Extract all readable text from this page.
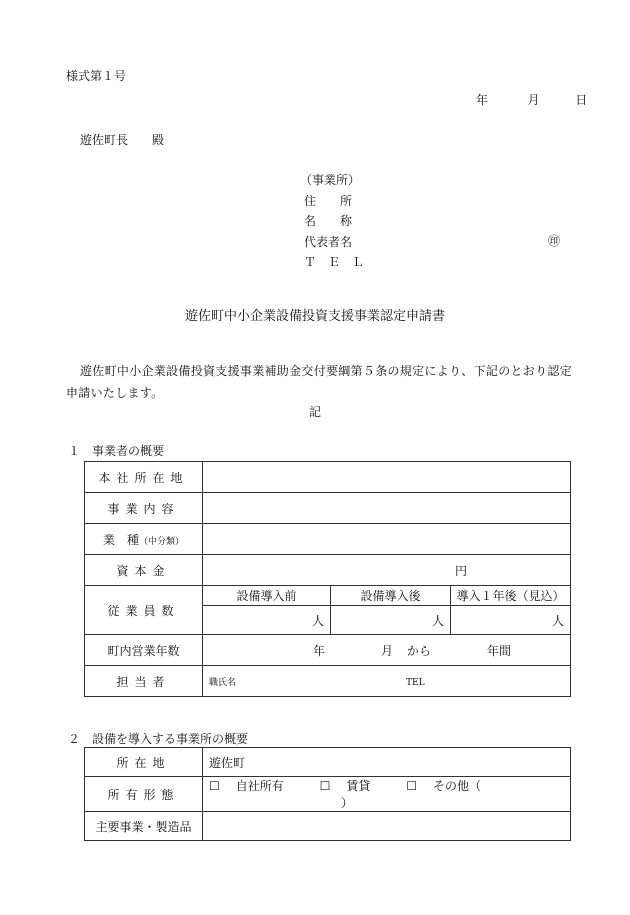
様式第１号
年	月	日
遊佐町長　　殿
（事業所）
住　　所
名　　称
代表者名
Ｔ　Ｅ　Ｌ
㊞
遊佐町中小企業設備投資支援事業認定申請書
遊佐町中小企業設備投資支援事業補助金交付要綱第５条の規定により、下記のとおり認定申請いたします。
記
１　事業者の概要
本社所在地			
事業内容			
業　種（中分類）			
資本金	円		
従業員数	設備導入前	設備導入後	導入１年後（見込）
	人	人	人
町内営業年数	年 月 から 年間		
担当者	職氏名 TEL		
２　設備を導入する事業所の概要
所在地	遊佐町
所有形態	☐ 自社所有 ☐ 賃貸 ☐ その他（）
主要事業・製造品	
